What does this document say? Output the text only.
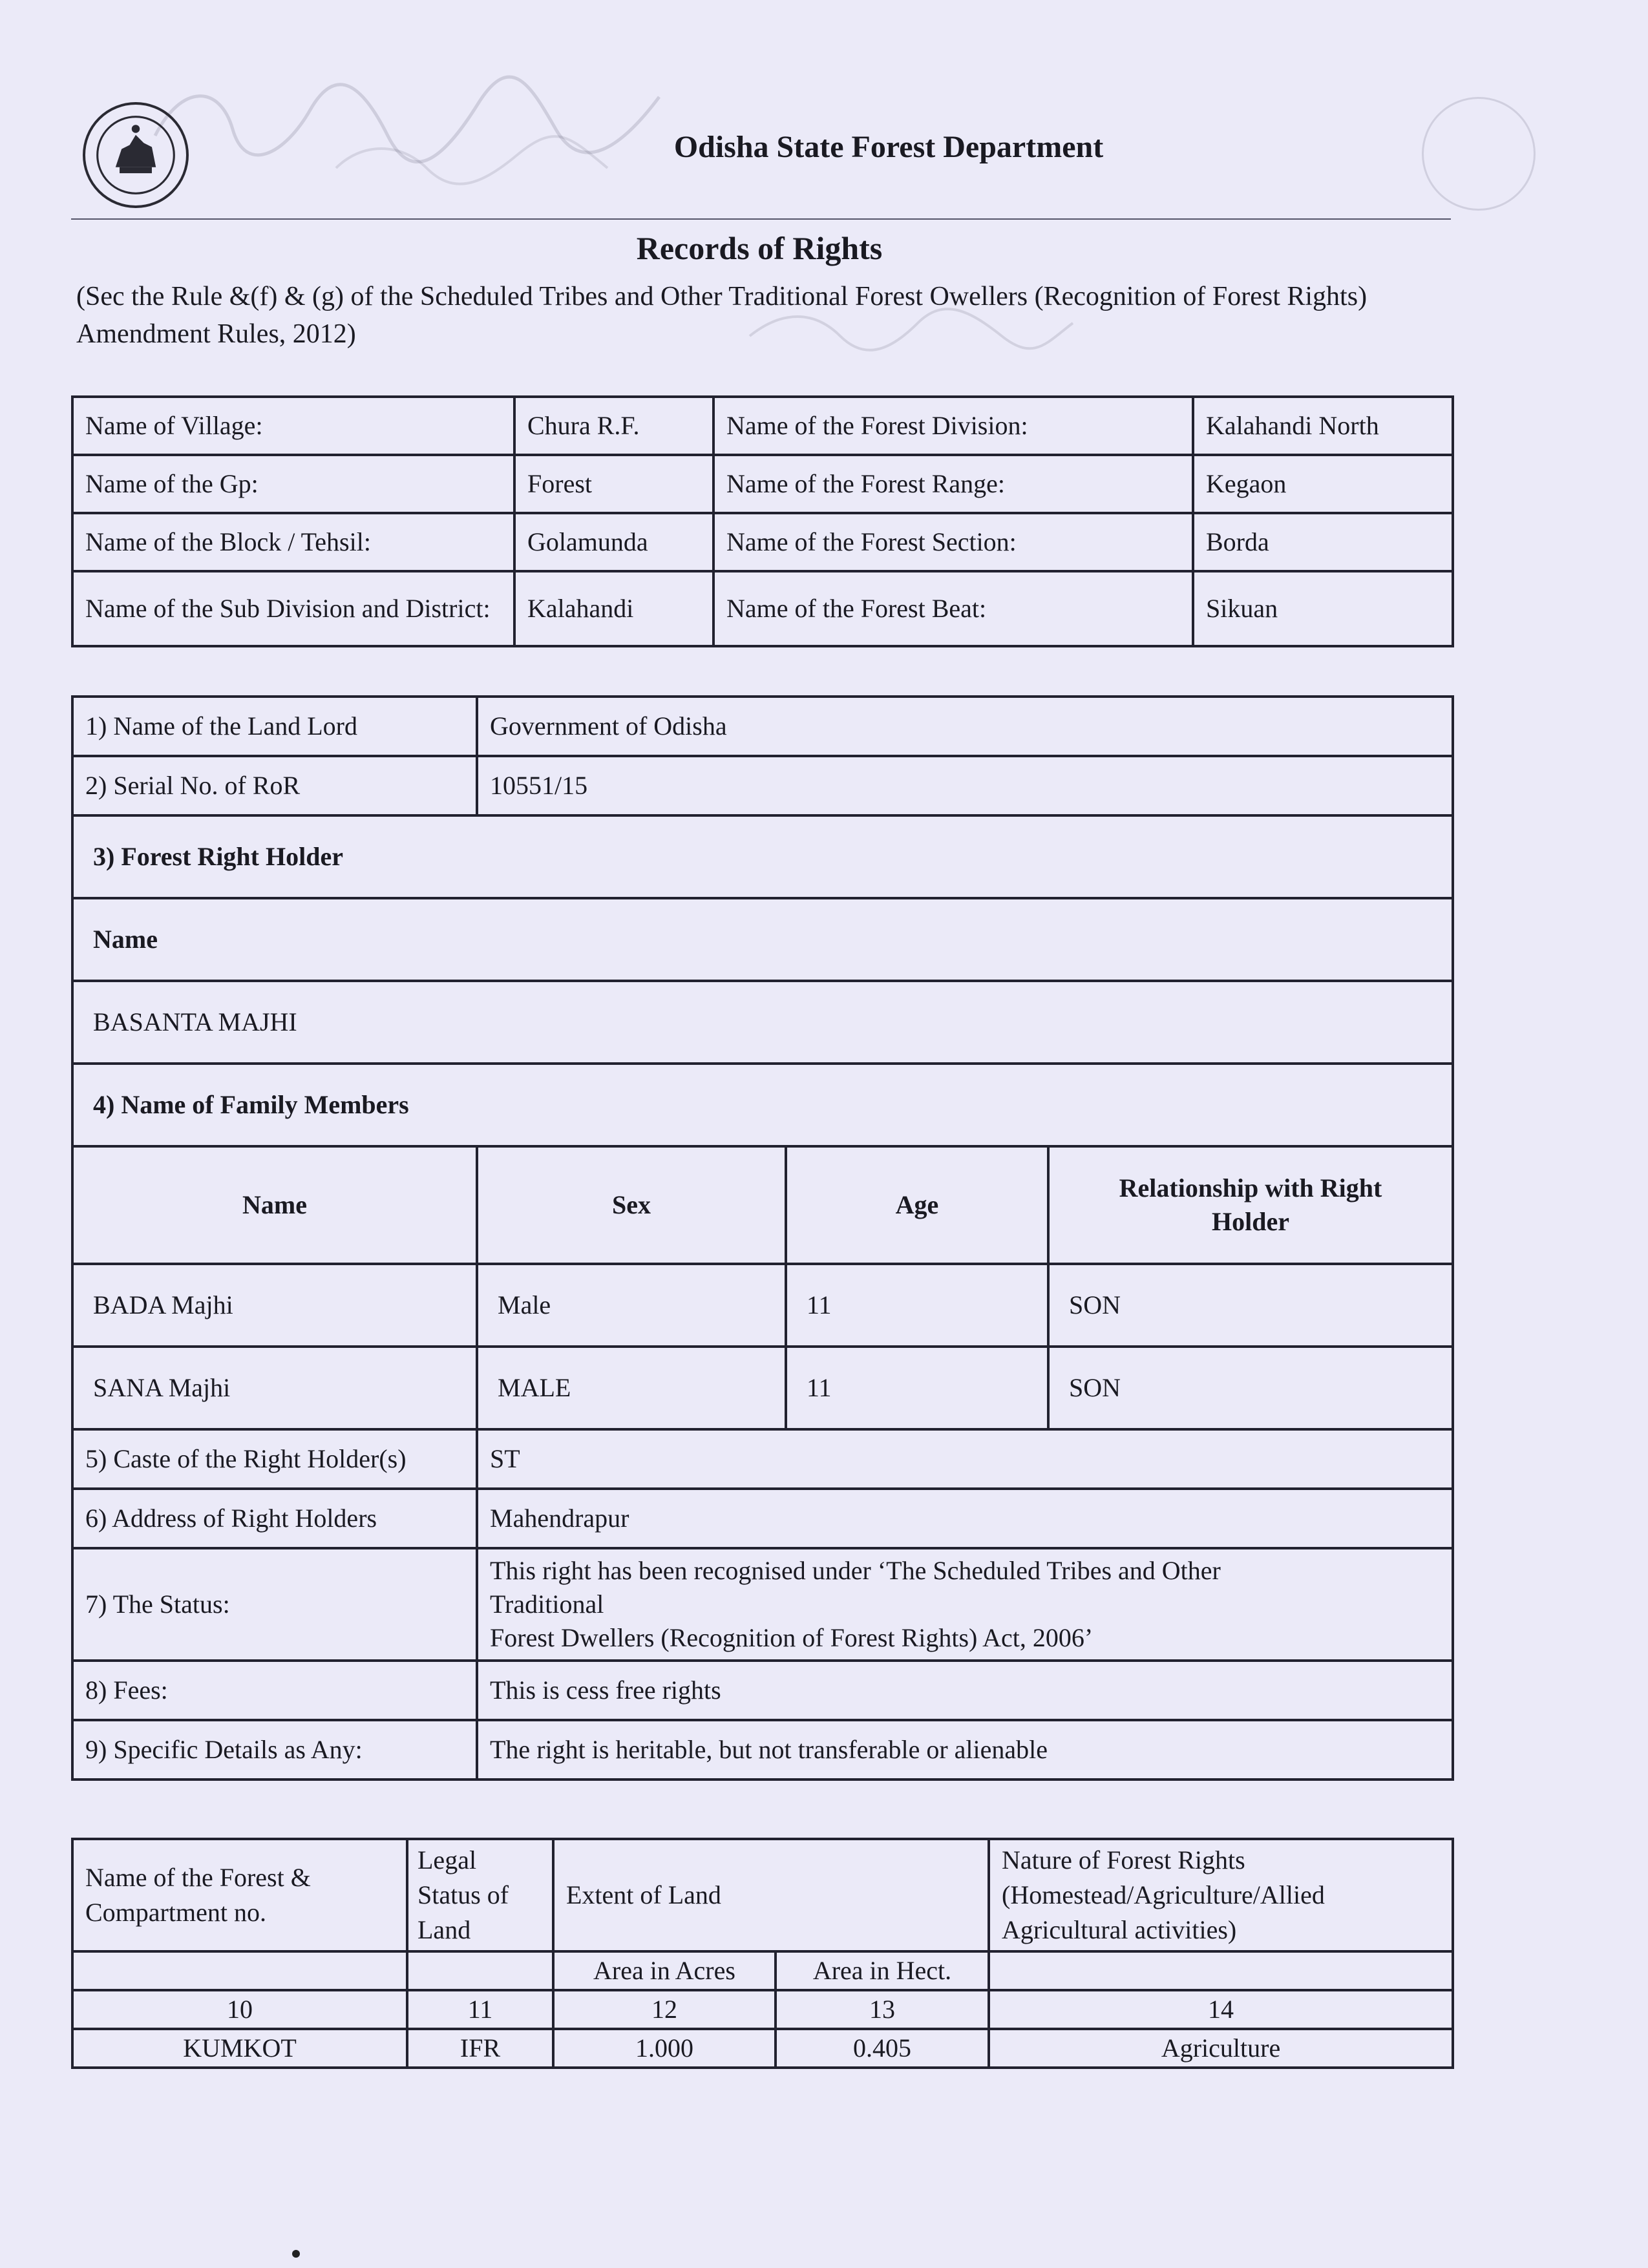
Odisha State Forest Department
Records of Rights
(Sec the Rule &(f) & (g) of the Scheduled Tribes and Other Traditional Forest Owellers (Recognition of Forest Rights) Amendment Rules, 2012)
Name of Village:	Chura R.F.	Name of the Forest Division:	Kalahandi North
Name of the Gp:	Forest	Name of the Forest Range:	Kegaon
Name of the Block / Tehsil:	Golamunda	Name of the Forest Section:	Borda
Name of the Sub Division and District:	Kalahandi	Name of the Forest Beat:	Sikuan
1) Name of the Land Lord	Government of Odisha		
2) Serial No. of RoR	10551/15		
3) Forest Right Holder			
Name			
BASANTA MAJHI			
4) Name of Family Members			
Name	Sex	Age	Relationship with Right Holder
BADA Majhi	Male	11	SON
SANA Majhi	MALE	11	SON
5) Caste of the Right Holder(s)	ST		
6) Address of Right Holders	Mahendrapur		
7) The Status:	This right has been recognised under ‘The Scheduled Tribes and Other
Traditional
Forest Dwellers (Recognition of Forest Rights) Act, 2006’		

8) Fees:	This is cess free rights		
9) Specific Details as Any:	The right is heritable, but not transferable or alienable		
Name of the Forest & Compartment no.	Legal Status of Land	Extent of Land		Nature of Forest Rights (Homestead/Agriculture/Allied Agricultural activities)
		Area in Acres	Area in Hect.	
10	11	12	13	14
KUMKOT	IFR	1.000	0.405	Agriculture
